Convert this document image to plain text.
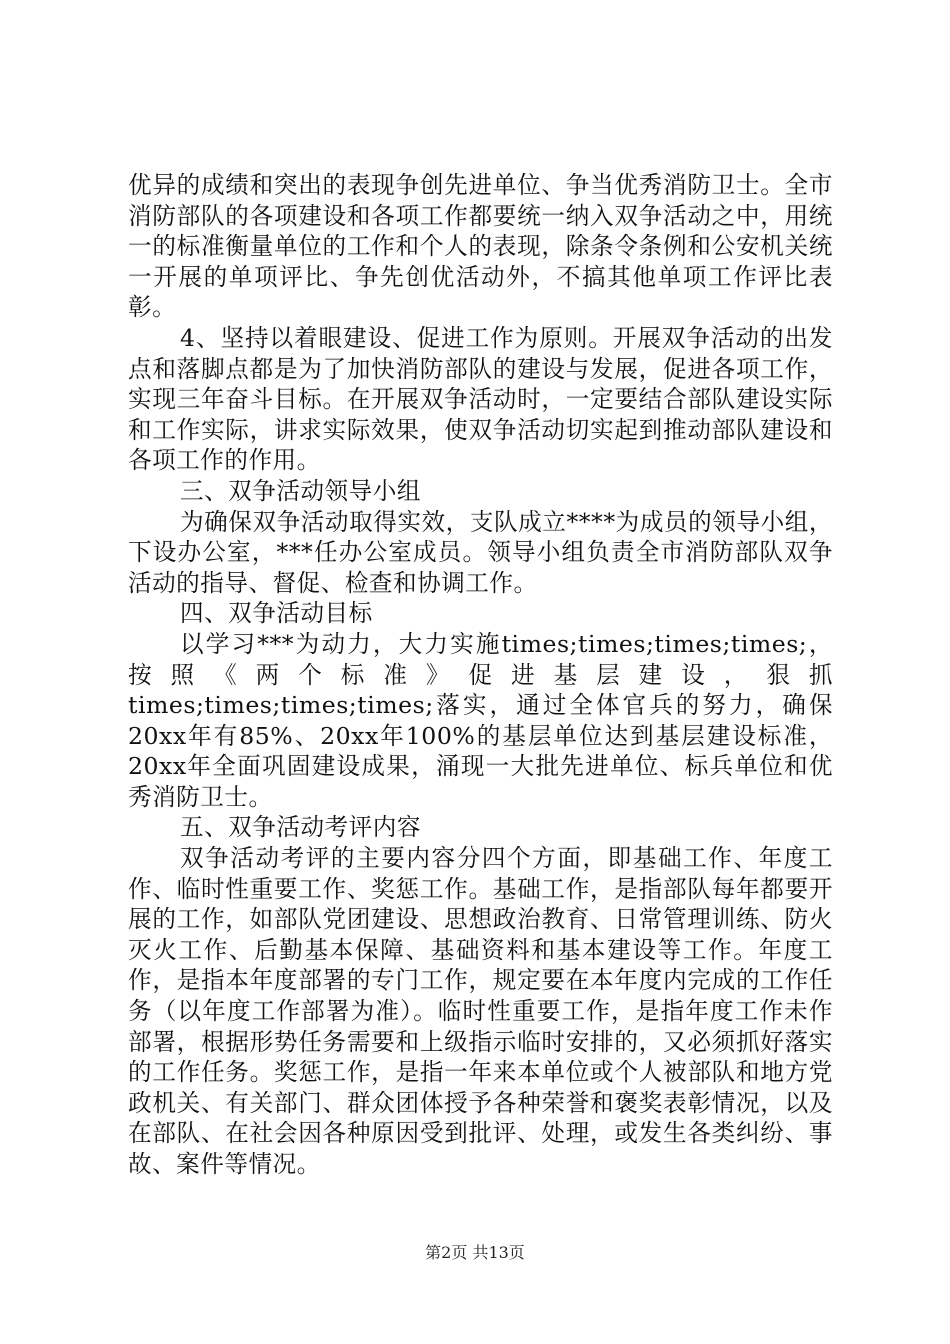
优异的成绩和突出的表现争创先进单位、争当优秀消防卫士。全市消防部队的各项建设和各项工作都要统一纳入双争活动之中，用统一的标准衡量单位的工作和个人的表现，除条令条例和公安机关统一开展的单项评比、争先创优活动外，不搞其他单项工作评比表彰。

4、坚持以着眼建设、促进工作为原则。开展双争活动的出发点和落脚点都是为了加快消防部队的建设与发展，促进各项工作，实现三年奋斗目标。在开展双争活动时，一定要结合部队建设实际和工作实际，讲求实际效果，使双争活动切实起到推动部队建设和各项工作的作用。

三、双争活动领导小组

为确保双争活动取得实效，支队成立****为成员的领导小组，下设办公室，***任办公室成员。领导小组负责全市消防部队双争活动的指导、督促、检查和协调工作。

四、双争活动目标

以学习***为动力，大力实施times;times;times;times;，按照《两个标准》促进基层建设，狠抓times;times;times;times;落实，通过全体官兵的努力，确保20xx年有85%、20xx年100%的基层单位达到基层建设标准，20xx年全面巩固建设成果，涌现一大批先进单位、标兵单位和优秀消防卫士。

五、双争活动考评内容

双争活动考评的主要内容分四个方面，即基础工作、年度工作、临时性重要工作、奖惩工作。基础工作，是指部队每年都要开展的工作，如部队党团建设、思想政治教育、日常管理训练、防火灭火工作、后勤基本保障、基础资料和基本建设等工作。年度工作，是指本年度部署的专门工作，规定要在本年度内完成的工作任务（以年度工作部署为准）。临时性重要工作，是指年度工作未作部署，根据形势任务需要和上级指示临时安排的，又必须抓好落实的工作任务。奖惩工作，是指一年来本单位或个人被部队和地方党政机关、有关部门、群众团体授予各种荣誉和褒奖表彰情况，以及在部队、在社会因各种原因受到批评、处理，或发生各类纠纷、事故、案件等情况。

第2页 共13页
